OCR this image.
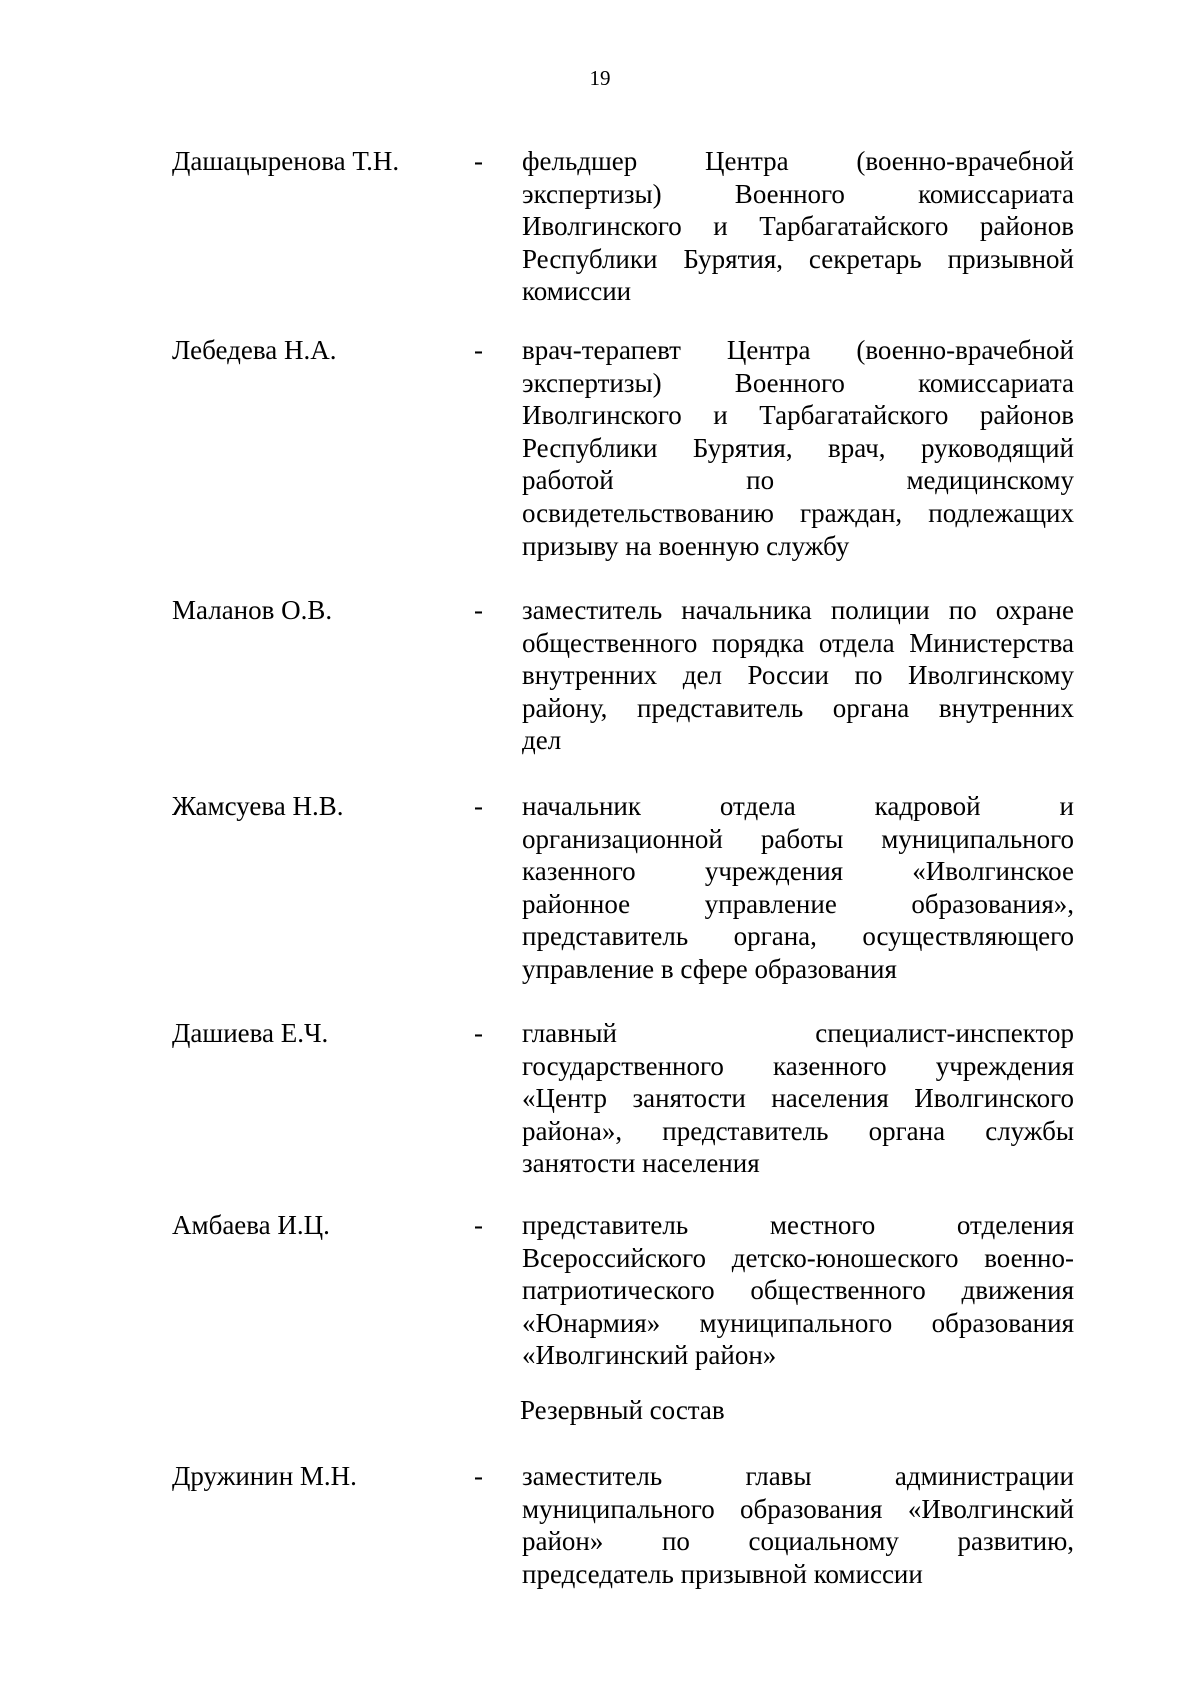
19
Дашацыренова Т.Н.	- фельдшер Центра (военно-врачебной
экспертизы) Военного комиссариата
Иволгинского и Тарбагатайского районов
Республики Бурятия, секретарь призывной
комиссии
Лебедева Н.А.	- врач-терапевт Центра (военно-врачебной
экспертизы) Военного комиссариата
Иволгинского и Тарбагатайского районов
Республики Бурятия, врач, руководящий
работой по медицинскому
освидетельствованию граждан, подлежащих
призыву на военную службу
Маланов О.В.	- заместитель начальника полиции по охране
общественного порядка отдела Министерства
внутренних дел России по Иволгинскому
району, представитель органа внутренних
дел
Жамсуева Н.В.	- начальник отдела кадровой и
организационной работы муниципального
казенного учреждения «Иволгинское
районное управление образования»,
представитель органа, осуществляющего
управление в сфере образования
Дашиева Е.Ч.	- главный специалист-инспектор
государственного казенного учреждения
«Центр занятости населения Иволгинского
района», представитель органа службы
занятости населения
Амбаева И.Ц.	- представитель местного отделения
Всероссийского детско-юношеского военно-
патриотического общественного движения
«Юнармия» муниципального образования
«Иволгинский район»
Резервный состав
Дружинин М.Н.	- заместитель главы администрации
муниципального образования «Иволгинский
район» по социальному развитию,
председатель призывной комиссии
